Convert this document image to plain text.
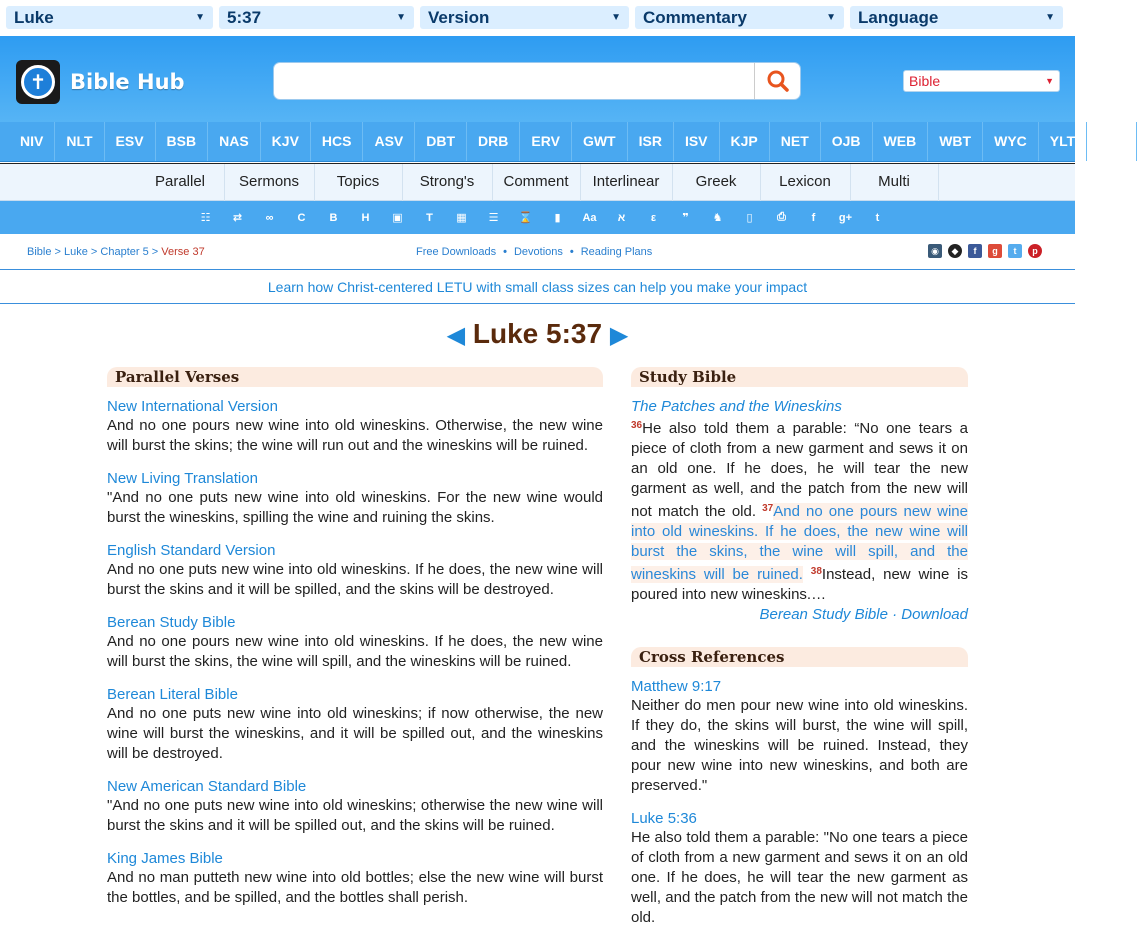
Luke	▼ 5:37	▼ Version	▼ Commentary	▼ Language	▼
✝	Bible Hub	Bible	▼
NIV	NLT	ESV	BSB	NAS	KJV	HCS	ASV	DBT	DRB	ERV	GWT	ISR	ISV	KJP	NET	OJB	WEB	WBT	WYC	YLT	TNT
Parallel	Sermons	Topics	Strong's	Comment	Interlinear	Greek	Lexicon	Multi
☷	⇄	∞	C	B	H	▣	T	▦	☰	⌛	▮	Aa	א	ε	❞	♞	▯	⎙	f	g+	t
Bible > Luke > Chapter 5 > Verse 37	Free Downloads • Devotions • Reading Plans	◉	◆	f	g	t	p
Learn how Christ-centered LETU with small class sizes can help you make your impact
◀ Luke 5:37 ▶
Parallel Verses
New International Version
And no one pours new wine into old wineskins. Otherwise, the new wine will burst the skins; the wine will run out and the wineskins will be ruined.
New Living Translation
"And no one puts new wine into old wineskins. For the new wine would burst the wineskins, spilling the wine and ruining the skins.
English Standard Version
And no one puts new wine into old wineskins. If he does, the new wine will burst the skins and it will be spilled, and the skins will be destroyed.
Berean Study Bible
And no one pours new wine into old wineskins. If he does, the new wine will burst the skins, the wine will spill, and the wineskins will be ruined.
Berean Literal Bible
And no one puts new wine into old wineskins; if now otherwise, the new wine will burst the wineskins, and it will be spilled out, and the wineskins will be destroyed.
New American Standard Bible
"And no one puts new wine into old wineskins; otherwise the new wine will burst the skins and it will be spilled out, and the skins will be ruined.
King James Bible
And no man putteth new wine into old bottles; else the new wine will burst the bottles, and be spilled, and the bottles shall perish.
Study Bible
The Patches and the Wineskins
$^{36}$He also told them a parable: “No one tears a piece of cloth from a new garment and sews it on an old one. If he does, he will tear the new garment as well, and the patch from the new will not match the old. $^{37}$And no one pours new wine into old wineskins. If he does, the new wine will burst the skins, the wine will spill, and the wineskins will be ruined. $^{38}$Instead, new wine is poured into new wineskins.…
Berean Study Bible · Download
Cross References
Matthew 9:17
Neither do men pour new wine into old wineskins. If they do, the skins will burst, the wine will spill, and the wineskins will be ruined. Instead, they pour new wine into new wineskins, and both are preserved."
Luke 5:36
He also told them a parable: "No one tears a piece of cloth from a new garment and sews it on an old one. If he does, he will tear the new garment as well, and the patch from the new will not match the old.
